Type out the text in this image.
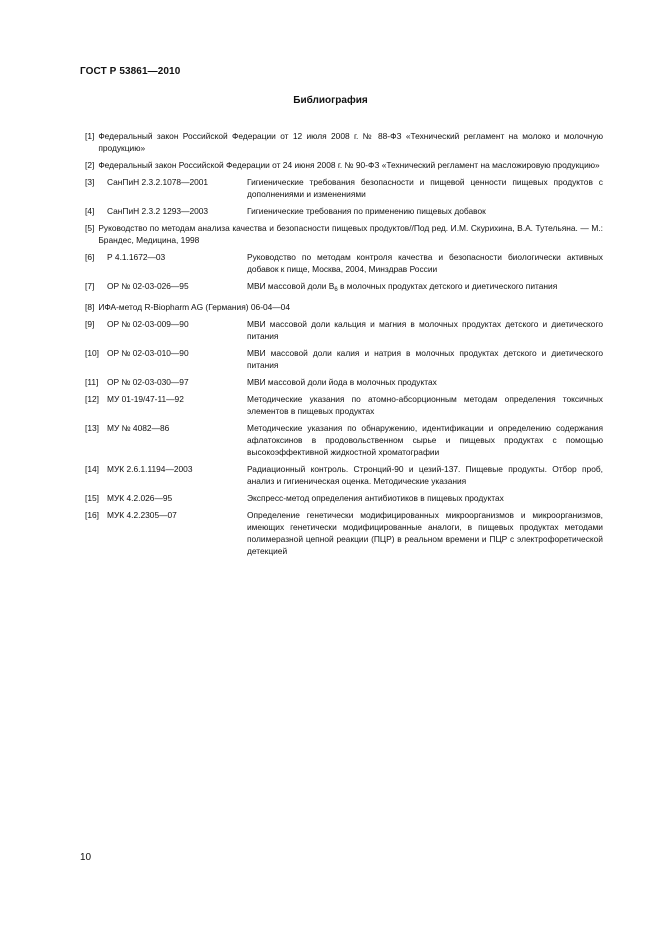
ГОСТ Р 53861—2010
Библиография
[1] Федеральный закон Российской Федерации от 12 июля 2008 г. № 88-ФЗ «Технический регламент на молоко и молочную продукцию»
[2] Федеральный закон Российской Федерации от 24 июня 2008 г. № 90-ФЗ «Технический регламент на масложировую продукцию»
[3]	СанПиН 2.3.2.1078—2001	Гигиенические требования безопасности и пищевой ценности пищевых продуктов с дополнениями и изменениями
[4]	СанПиН 2.3.2 1293—2003	Гигиенические требования по применению пищевых добавок
[5] Руководство по методам анализа качества и безопасности пищевых продуктов//Под ред. И.М. Скурихина, В.А. Тутельяна. — М.: Брандес, Медицина, 1998
[6]	Р 4.1.1672—03	Руководство по методам контроля качества и безопасности биологически активных добавок к пище, Москва, 2004, Минздрав России
[7]	ОР № 02-03-026—95	МВИ массовой доли $B_6$ в молочных продуктах детского и диетического питания
[8] ИФА-метод R-Biopharm AG (Германия) 06-04—04
[9]	ОР № 02-03-009—90	МВИ массовой доли кальция и магния в молочных продуктах детского и диетического питания
[10] ОР № 02-03-010—90	МВИ массовой доли калия и натрия в молочных продуктах детского и диетического питания
[11]	ОР № 02-03-030—97	МВИ массовой доли йода в молочных продуктах
[12] МУ 01-19/47-11—92	Методические указания по атомно-абсорционным методам определения токсичных элементов в пищевых продуктах
[13] МУ № 4082—86	Методические указания по обнаружению, идентификации и определению содержания афлатоксинов в продовольственном сырье и пищевых продуктах с помощью высокоэффективной жидкостной хроматографии
[14] МУК 2.6.1.1194—2003	Радиационный контроль. Стронций-90 и цезий-137. Пищевые продукты. Отбор проб, анализ и гигиеническая оценка. Методические указания
[15] МУК 4.2.026—95	Экспресс-метод определения антибиотиков в пищевых продуктах
[16] МУК 4.2.2305—07	Определение генетически модифицированных микроорганизмов и микроорганизмов, имеющих генетически модифицированные аналоги, в пищевых продуктах методами полимеразной цепной реакции (ПЦР) в реальном времени и ПЦР с электрофоретической детекцией
10
